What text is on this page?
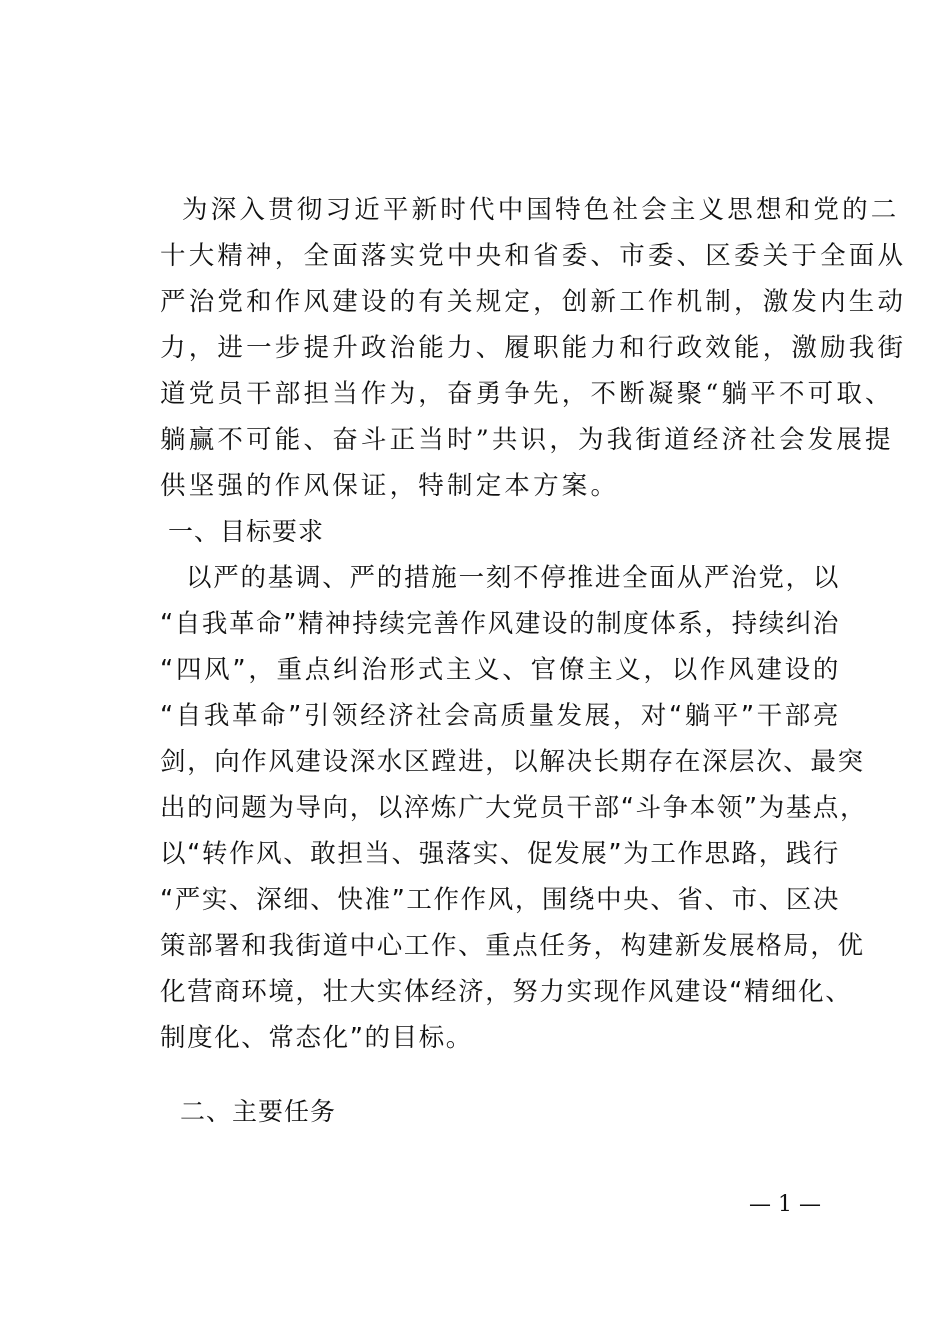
为深入贯彻习近平新时代中国特色社会主义思想和党的二
十大精神，全面落实党中央和省委、市委、区委关于全面从
严治党和作风建设的有关规定，创新工作机制，激发内生动
力，进一步提升政治能力、履职能力和行政效能，激励我街
道党员干部担当作为，奋勇争先，不断凝聚“躺平不可取、
躺赢不可能、奋斗正当时”共识，为我街道经济社会发展提
供坚强的作风保证，特制定本方案。
一、目标要求
以严的基调、严的措施一刻不停推进全面从严治党，以
“自我革命”精神持续完善作风建设的制度体系，持续纠治
“四风”，重点纠治形式主义、官僚主义，以作风建设的
“自我革命”引领经济社会高质量发展，对“躺平”干部亮
剑，向作风建设深水区蹚进，以解决长期存在深层次、最突
出的问题为导向，以淬炼广大党员干部“斗争本领”为基点，
以“转作风、敢担当、强落实、促发展”为工作思路，践行
“严实、深细、快准”工作作风，围绕中央、省、市、区决
策部署和我街道中心工作、重点任务，构建新发展格局，优
化营商环境，壮大实体经济，努力实现作风建设“精细化、
制度化、常态化”的目标。
二、主要任务
— 1 —
